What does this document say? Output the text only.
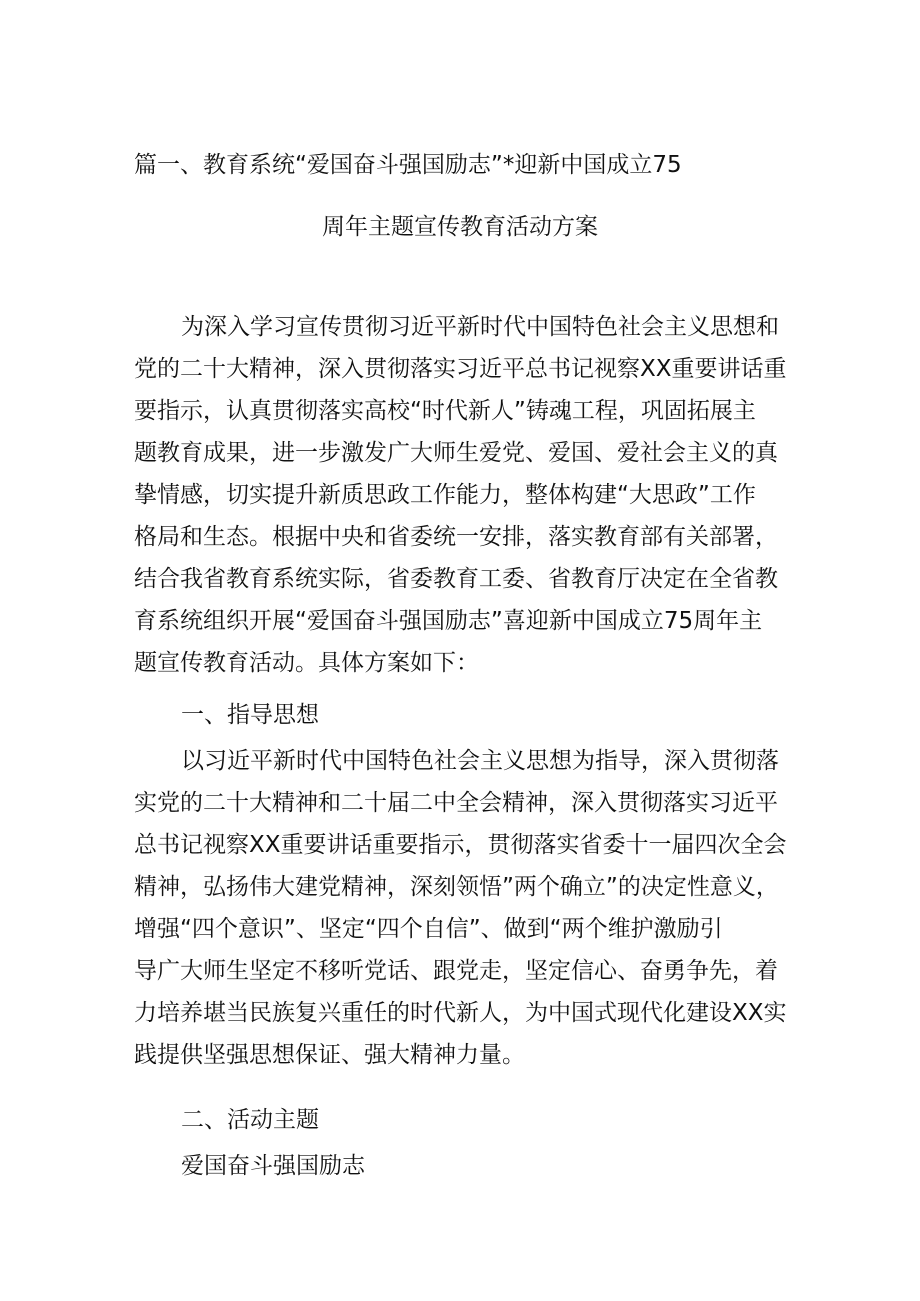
篇一、教育系统“爱国奋斗强国励志”*迎新中国成立75
周年主题宣传教育活动方案
为深入学习宣传贯彻习近平新时代中国特色社会主义思想和
党的二十大精神，深入贯彻落实习近平总书记视察XX重要讲话重
要指示，认真贯彻落实高校“时代新人”铸魂工程，巩固拓展主
题教育成果，进一步激发广大师生爱党、爱国、爱社会主义的真
挚情感，切实提升新质思政工作能力，整体构建“大思政”工作
格局和生态。根据中央和省委统一安排，落实教育部有关部署，
结合我省教育系统实际，省委教育工委、省教育厅决定在全省教
育系统组织开展“爱国奋斗强国励志”喜迎新中国成立75周年主
题宣传教育活动。具体方案如下：
一、指导思想
以习近平新时代中国特色社会主义思想为指导，深入贯彻落
实党的二十大精神和二十届二中全会精神，深入贯彻落实习近平
总书记视察XX重要讲话重要指示，贯彻落实省委十一届四次全会
精神，弘扬伟大建党精神，深刻领悟”两个确立”的决定性意义，
增强“四个意识”、坚定“四个自信”、做到“两个维护激励引
导广大师生坚定不移听党话、跟党走，坚定信心、奋勇争先，着
力培养堪当民族复兴重任的时代新人，为中国式现代化建设XX实
践提供坚强思想保证、强大精神力量。
二、活动主题
爱国奋斗强国励志
